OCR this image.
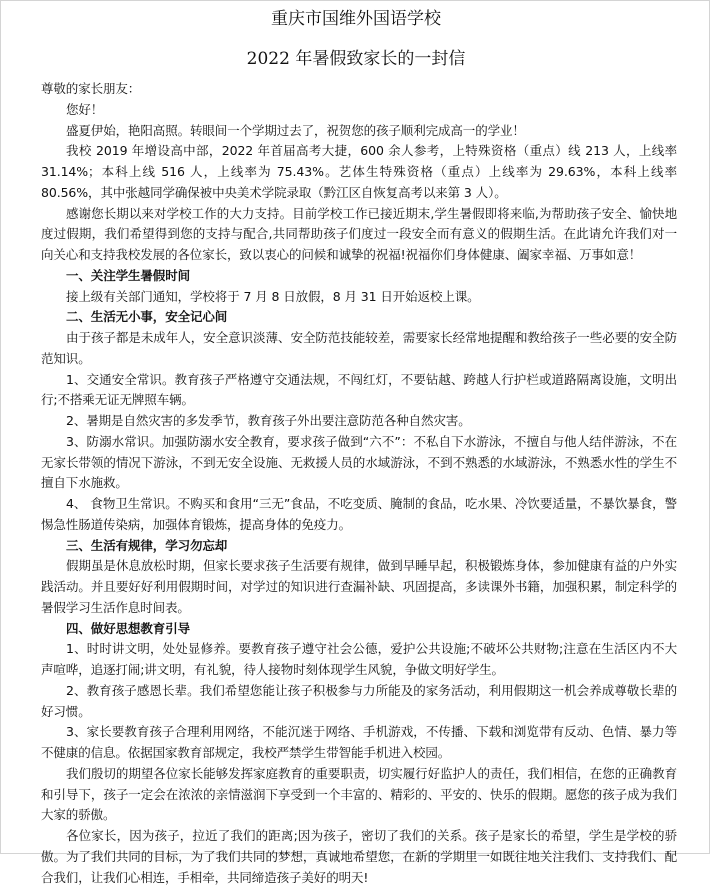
重庆市国维外国语学校
2022 年暑假致家长的一封信

尊敬的家长朋友：

您好！

盛夏伊始，艳阳高照。转眼间一个学期过去了，祝贺您的孩子顺利完成高一的学业！

我校 2019 年增设高中部，2022 年首届高考大捷，600 余人参考，上特殊资格（重点）线 213 人，上线率 31.14%；本科上线 516 人，上线率为 75.43%。艺体生特殊资格（重点）上线率为 29.63%，本科上线率 80.56%，其中张越同学确保被中央美术学院录取（黔江区自恢复高考以来第 3 人）。

感谢您长期以来对学校工作的大力支持。目前学校工作已接近期末,学生暑假即将来临,为帮助孩子安全、愉快地度过假期，我们希望得到您的支持与配合,共同帮助孩子们度过一段安全而有意义的假期生活。在此请允许我们对一向关心和支持我校发展的各位家长，致以衷心的问候和诚挚的祝福!祝福你们身体健康、阖家幸福、万事如意！

一、关注学生暑假时间

接上级有关部门通知，学校将于 7 月 8 日放假，8 月 31 日开始返校上课。

二、生活无小事，安全记心间

由于孩子都是未成年人，安全意识淡薄、安全防范技能较差，需要家长经常地提醒和教给孩子一些必要的安全防范知识。

1、交通安全常识。教育孩子严格遵守交通法规，不闯红灯，不要钻越、跨越人行护栏或道路隔离设施，文明出行;不搭乘无证无牌照车辆。

2、暑期是自然灾害的多发季节，教育孩子外出要注意防范各种自然灾害。

3、防溺水常识。加强防溺水安全教育，要求孩子做到“六不”：不私自下水游泳，不擅自与他人结伴游泳，不在无家长带领的情况下游泳，不到无安全设施、无救援人员的水域游泳，不到不熟悉的水域游泳，不熟悉水性的学生不擅自下水施救。

4、 食物卫生常识。不购买和食用“三无”食品，不吃变质、腌制的食品，吃水果、冷饮要适量，不暴饮暴食，警惕急性肠道传染病，加强体育锻炼，提高身体的免疫力。

三、生活有规律，学习勿忘却

假期虽是休息放松时期，但家长要求孩子生活要有规律，做到早睡早起，积极锻炼身体，参加健康有益的户外实践活动。并且要好好利用假期时间，对学过的知识进行查漏补缺、巩固提高，多读课外书籍，加强积累，制定科学的暑假学习生活作息时间表。

四、做好思想教育引导

1、时时讲文明，处处显修养。要教育孩子遵守社会公德，爱护公共设施;不破坏公共财物;注意在生活区内不大声喧哗，追逐打闹;讲文明，有礼貌，待人接物时刻体现学生风貌，争做文明好学生。

2、教育孩子感恩长辈。我们希望您能让孩子积极参与力所能及的家务活动，利用假期这一机会养成尊敬长辈的好习惯。

3、家长要教育孩子合理利用网络，不能沉迷于网络、手机游戏，不传播、下载和浏览带有反动、色情、暴力等不健康的信息。依据国家教育部规定，我校严禁学生带智能手机进入校园。

我们殷切的期望各位家长能够发挥家庭教育的重要职责，切实履行好监护人的责任，我们相信，在您的正确教育和引导下，孩子一定会在浓浓的亲情滋润下享受到一个丰富的、精彩的、平安的、快乐的假期。愿您的孩子成为我们大家的骄傲。

各位家长，因为孩子，拉近了我们的距离;因为孩子，密切了我们的关系。孩子是家长的希望，学生是学校的骄傲。为了我们共同的目标，为了我们共同的梦想，真诚地希望您，在新的学期里一如既往地关注我们、支持我们、配合我们，让我们心相连，手相牵，共同缔造孩子美好的明天!
